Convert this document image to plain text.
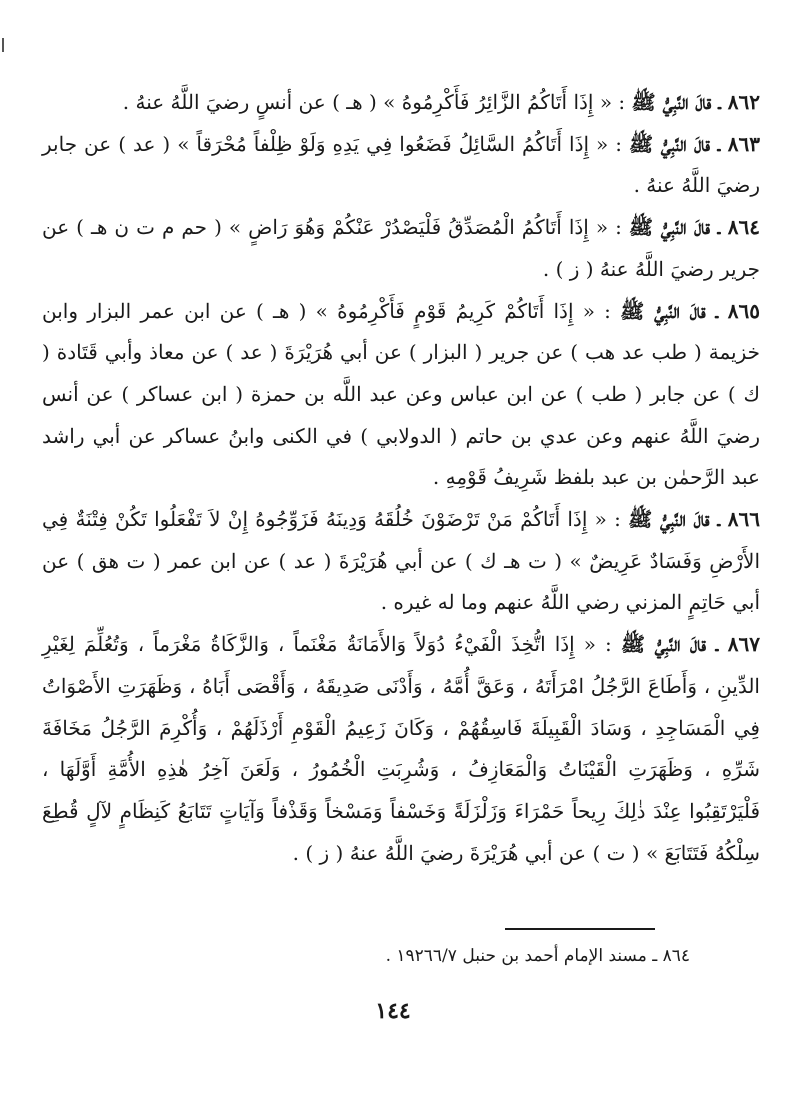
٨٦٢ ـ قالَ النَّبِيُّ ﷺ : « إِذَا أَتَاكُمُ الزَّائِرُ فَأَكْرِمُوهُ » ( هـ ) عن أنسٍ رضيَ اللَّهُ عنهُ .

٨٦٣ ـ قالَ النَّبِيُّ ﷺ : « إِذَا أَتَاكُمُ السَّائِلُ فَضَعُوا فِي يَدِهِ وَلَوْ ظِلْفاً مُحْرَقاً » ( عد ) عن جابر رضيَ اللَّهُ عنهُ .

٨٦٤ ـ قالَ النَّبِيُّ ﷺ : « إِذَا أَتَاكُمُ الْمُصَدِّقُ فَلْيَصْدُرْ عَنْكُمْ وَهُوَ رَاضٍ » ( حم م ت ن هـ ) عن جرير رضيَ اللَّهُ عنهُ ( ز ) .

٨٦٥ ـ قالَ النَّبِيُّ ﷺ : « إِذَا أَتَاكُمْ كَرِيمُ قَوْمٍ فَأَكْرِمُوهُ » ( هـ ) عن ابن عمر البزار وابن خزيمة ( طب عد هب ) عن جرير ( البزار ) عن أبي هُرَيْرَةَ ( عد ) عن معاذ وأبي قَتَادة ( ك ) عن جابر ( طب ) عن ابن عباس وعن عبد اللَّه بن حمزة ( ابن عساكر ) عن أنس رضيَ اللَّهُ عنهم وعن عدي بن حاتم ( الدولابي ) في الكنى وابنُ عساكر عن أبي راشد عبد الرَّحمٰن بن عبد بلفظ شَرِيفُ قَوْمِهِ .

٨٦٦ ـ قالَ النَّبِيُّ ﷺ : « إِذَا أَتَاكُمْ مَنْ تَرْضَوْنَ خُلُقَهُ وَدِينَهُ فَزَوِّجُوهُ إِنْ لاَ تَفْعَلُوا تَكُنْ فِتْنَةٌ فِي الأَرْضِ وَفَسَادٌ عَرِيضٌ » ( ت هـ ك ) عن أبي هُرَيْرَةَ ( عد ) عن ابن عمر ( ت هق ) عن أبي حَاتِمٍ المزني رضي اللَّهُ عنهم وما له غيره .

٨٦٧ ـ قالَ النَّبِيُّ ﷺ : « إِذَا اتُّخِذَ الْفَيْءُ دُوَلاً وَالأَمَانَةُ مَغْنَماً ، وَالزَّكَاةُ مَغْرَماً ، وَتُعُلِّمَ لِغَيْرِ الدِّينِ ، وَأَطَاعَ الرَّجُلُ امْرَأَتَهُ ، وَعَقَّ أُمَّهُ ، وَأَدْنَى صَدِيقَهُ ، وَأَقْصَى أَبَاهُ ، وَظَهَرَتِ الأَصْوَاتُ فِي الْمَسَاجِدِ ، وَسَادَ الْقَبِيلَةَ فَاسِقُهُمْ ، وَكَانَ زَعِيمُ الْقَوْمِ أَرْذَلَهُمْ ، وَأُكْرِمَ الرَّجُلُ مَخَافَةَ شَرِّهِ ، وَظَهَرَتِ الْقَيْنَاتُ وَالْمَعَازِفُ ، وَشُرِبَتِ الْخُمُورُ ، وَلَعَنَ آخِرُ هٰذِهِ الأُمَّةِ أَوَّلَهَا ، فَلْيَرْتَقِبُوا عِنْدَ ذٰلِكَ رِيحاً حَمْرَاءَ وَزَلْزَلَةً وَخَسْفاً وَمَسْخاً وَقَذْفاً وَآيَاتٍ تَتَابَعُ كَنِظَامٍ لآلٍ قُطِعَ سِلْكُهُ فَتَتَابَعَ » ( ت ) عن أبي هُرَيْرَةَ رضيَ اللَّهُ عنهُ ( ز ) .

٨٦٤ ـ مسند الإمام أحمد بن حنبل ١٩٢٦٦/٧ .
١٤٤
